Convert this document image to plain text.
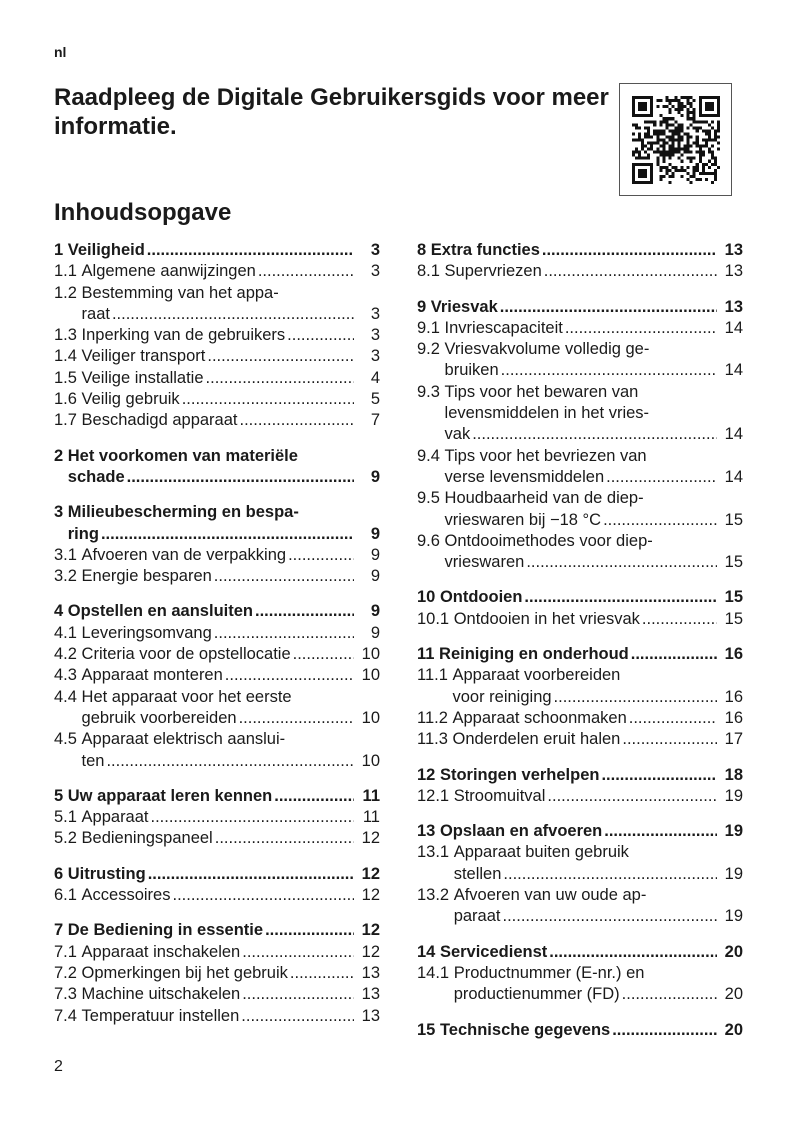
nl
Raadpleeg de Digitale Gebruikersgids voor meer informatie.
Inhoudsopgave
1 Veiligheid .....	3
1.1 Algemene aanwijzingen .....	3
1.2 Bestemming van het appa-
raat .....	3
1.3 Inperking van de gebruikers .....	3
1.4 Veiliger transport .....	3
1.5 Veilige installatie .....	4
1.6 Veilig gebruik .....	5
1.7 Beschadigd apparaat .....	7
2 Het voorkomen van materiële
schade .....	9
3 Milieubescherming en bespa-
ring .....	9
3.1 Afvoeren van de verpakking .....	9
3.2 Energie besparen .....	9
4 Opstellen en aansluiten .....	9
4.1 Leveringsomvang .....	9
4.2 Criteria voor de opstellocatie .....	10
4.3 Apparaat monteren .....	10
4.4 Het apparaat voor het eerste
gebruik voorbereiden .....	10
4.5 Apparaat elektrisch aanslui-
ten .....	10
5 Uw apparaat leren kennen .....	11
5.1 Apparaat .....	11
5.2 Bedieningspaneel .....	12
6 Uitrusting .....	12
6.1 Accessoires .....	12
7 De Bediening in essentie .....	12
7.1 Apparaat inschakelen .....	12
7.2 Opmerkingen bij het gebruik .....	13
7.3 Machine uitschakelen .....	13
7.4 Temperatuur instellen .....	13
8 Extra functies .....	13
8.1 Supervriezen .....	13
9 Vriesvak .....	13
9.1 Invriescapaciteit .....	14
9.2 Vriesvakvolume volledig ge-
bruiken .....	14
9.3 Tips voor het bewaren van
levensmiddelen in het vries-
vak .....	14
9.4 Tips voor het bevriezen van
verse levensmiddelen .....	14
9.5 Houdbaarheid van de diep-
vrieswaren bij −18 °C .....	15
9.6 Ontdooimethodes voor diep-
vrieswaren .....	15
10 Ontdooien .....	15
10.1 Ontdooien in het vriesvak .....	15
11 Reiniging en onderhoud .....	16
11.1 Apparaat voorbereiden
voor reiniging .....	16
11.2 Apparaat schoonmaken .....	16
11.3 Onderdelen eruit halen .....	17
12 Storingen verhelpen .....	18
12.1 Stroomuitval .....	19
13 Opslaan en afvoeren .....	19
13.1 Apparaat buiten gebruik
stellen .....	19
13.2 Afvoeren van uw oude ap-
paraat .....	19
14 Servicedienst .....	20
14.1 Productnummer (E-nr.) en
productienummer (FD) .....	20
15 Technische gegevens .....	20
2
